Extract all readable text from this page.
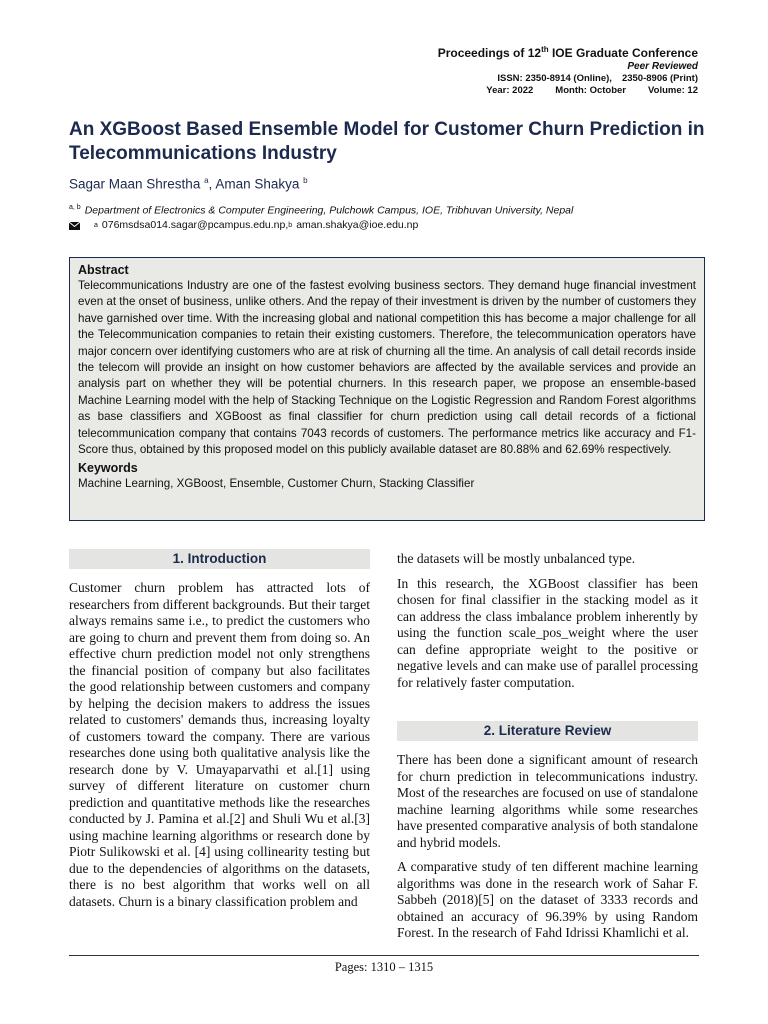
Proceedings of 12th IOE Graduate Conference
Peer Reviewed
ISSN: 2350-8914 (Online), 2350-8906 (Print)
Year: 2022 Month: October Volume: 12
An XGBoost Based Ensemble Model for Customer Churn Prediction in Telecommunications Industry
Sagar Maan Shrestha $^a$, Aman Shakya $^b$
$^{a, b}$ Department of Electronics & Computer Engineering, Pulchowk Campus, IOE, Tribhuvan University, Nepal
a 076msdsa014.sagar@pcampus.edu.np, b aman.shakya@ioe.edu.np
Abstract
Telecommunications Industry are one of the fastest evolving business sectors. They demand huge financial investment even at the onset of business, unlike others. And the repay of their investment is driven by the number of customers they have garnished over time. With the increasing global and national competition this has become a major challenge for all the Telecommunication companies to retain their existing customers. Therefore, the telecommunication operators have major concern over identifying customers who are at risk of churning all the time. An analysis of call detail records inside the telecom will provide an insight on how customer behaviors are affected by the available services and provide an analysis part on whether they will be potential churners. In this research paper, we propose an ensemble-based Machine Learning model with the help of Stacking Technique on the Logistic Regression and Random Forest algorithms as base classifiers and XGBoost as final classifier for churn prediction using call detail records of a fictional telecommunication company that contains 7043 records of customers. The performance metrics like accuracy and F1-Score thus, obtained by this proposed model on this publicly available dataset are 80.88% and 62.69% respectively.
Keywords
Machine Learning, XGBoost, Ensemble, Customer Churn, Stacking Classifier
1. Introduction

Customer churn problem has attracted lots of researchers from different backgrounds. But their target always remains same i.e., to predict the customers who are going to churn and prevent them from doing so. An effective churn prediction model not only strengthens the financial position of company but also facilitates the good relationship between customers and company by helping the decision makers to address the issues related to customers' demands thus, increasing loyalty of customers toward the company. There are various researches done using both qualitative analysis like the research done by V. Umayaparvathi et al.[1] using survey of different literature on customer churn prediction and quantitative methods like the researches conducted by J. Pamina et al.[2] and Shuli Wu et al.[3] using machine learning algorithms or research done by Piotr Sulikowski et al. [4] using collinearity testing but due to the dependencies of algorithms on the datasets, there is no best algorithm that works well on all datasets. Churn is a binary classification problem and

the datasets will be mostly unbalanced type.

In this research, the XGBoost classifier has been chosen for final classifier in the stacking model as it can address the class imbalance problem inherently by using the function scale_pos_weight where the user can define appropriate weight to the positive or negative levels and can make use of parallel processing for relatively faster computation.

2. Literature Review

There has been done a significant amount of research for churn prediction in telecommunications industry. Most of the researches are focused on use of standalone machine learning algorithms while some researches have presented comparative analysis of both standalone and hybrid models.

A comparative study of ten different machine learning algorithms was done in the research work of Sahar F. Sabbeh (2018)[5] on the dataset of 3333 records and obtained an accuracy of 96.39% by using Random Forest. In the research of Fahd Idrissi Khamlichi et al.

Pages: 1310 – 1315
